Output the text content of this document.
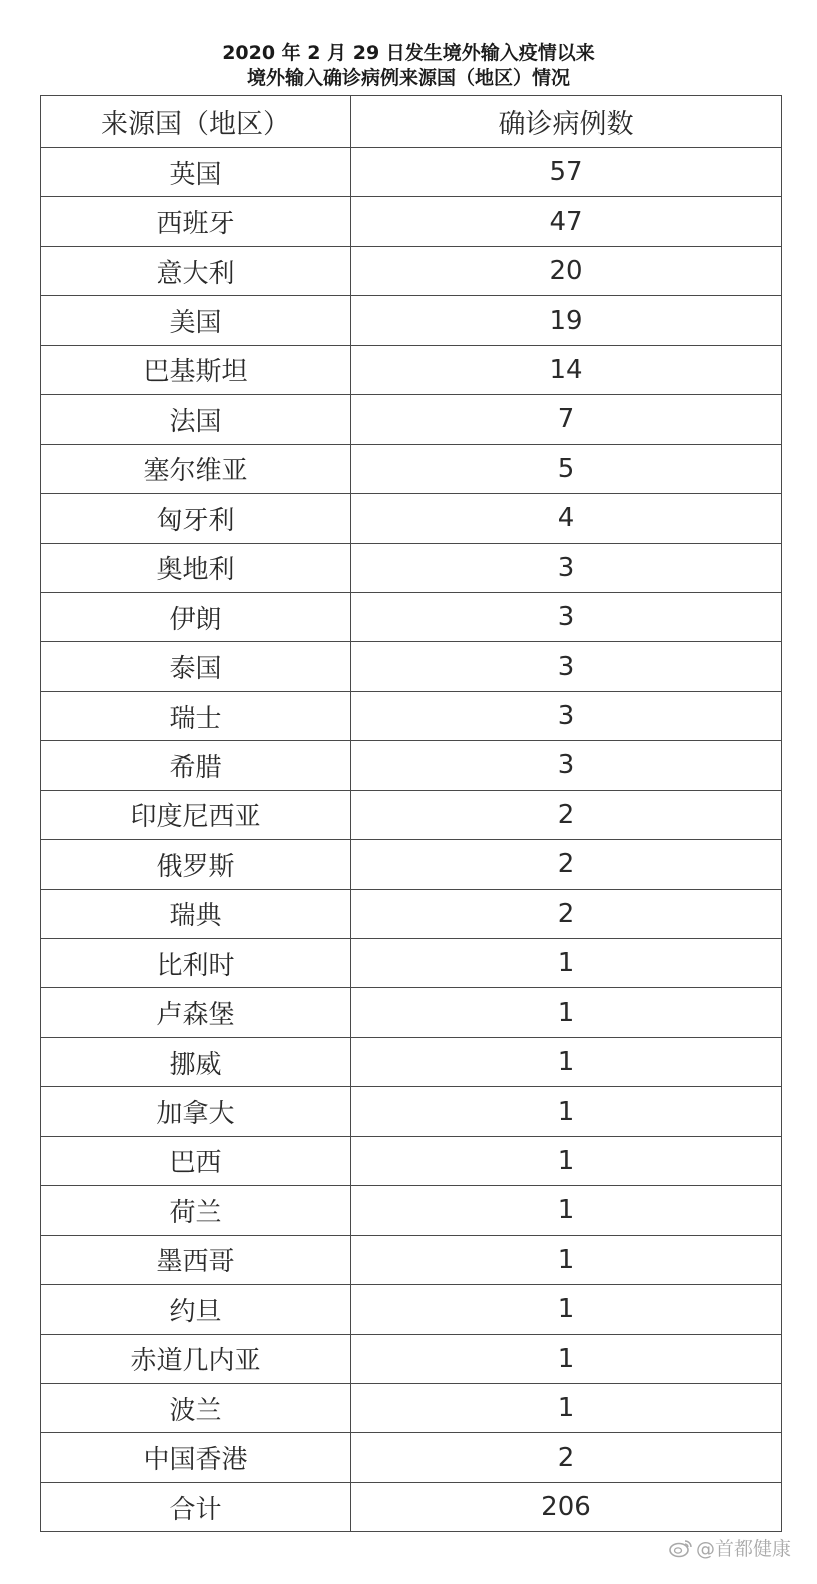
2020 年 2 月 29 日发生境外输入疫情以来
境外输入确诊病例来源国（地区）情况
来源国（地区）	确诊病例数
英国	57
西班牙	47
意大利	20
美国	19
巴基斯坦	14
法国	7
塞尔维亚	5
匈牙利	4
奥地利	3
伊朗	3
泰国	3
瑞士	3
希腊	3
印度尼西亚	2
俄罗斯	2
瑞典	2
比利时	1
卢森堡	1
挪威	1
加拿大	1
巴西	1
荷兰	1
墨西哥	1
约旦	1
赤道几内亚	1
波兰	1
中国香港	2
合计	206
@首都健康
